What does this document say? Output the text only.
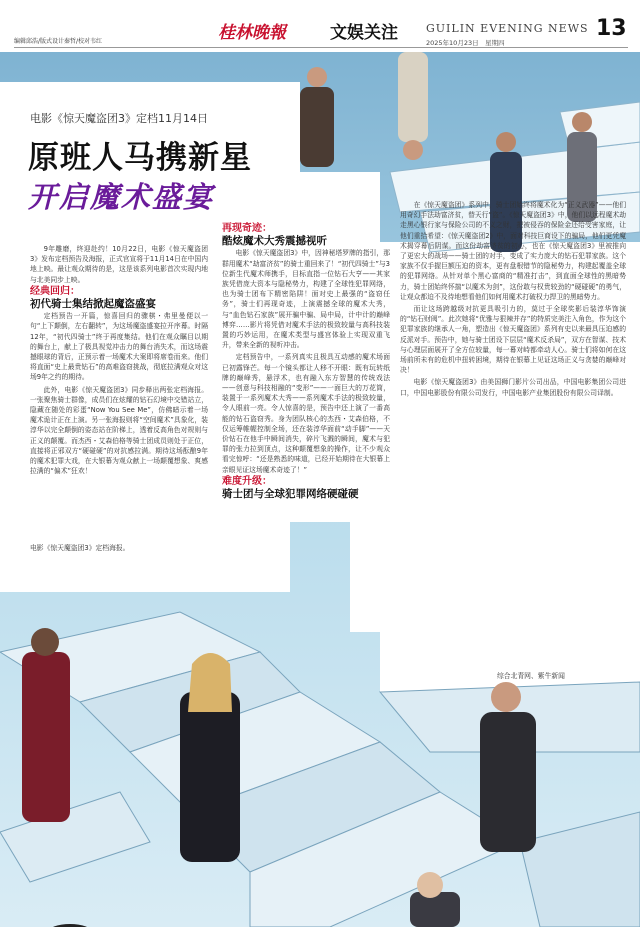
编辑邱浩/版式设计秦哲/校对韦红	桂林晚報	文娱关注	GUILIN EVENING NEWS
2025年10月23日　星期四
13
电影《惊天魔盗团3》定档11月14日
原班人马携新星
开启魔术盛宴

9年雕磨，终迎赴约！10月22日，电影《惊天魔盗团3》发布定档预告及海报，正式官宣将于11月14日在中国内地上映。最让观众期待的是，这是该系列电影首次实现内地与北美同步上映。

经典回归：

初代骑士集结掀起魔盗盛宴

定档预告一开篇，惊喜回归的骤棋・弗里曼便以一句“上下颠倒，左右翻转”，为这场魔盗盛宴拉开序幕。时隔12年，“初代四骑士”终于再度集结。他们在观众瞩目以期的舞台上，献上了极具视觉冲击力的舞台消失术，而这场震撼眼球的背后，正预示着一场魔术大案即将席卷而来。他们将直面“史上最贵钻石”的高难盗窃挑战，彻底拉满观众对这场9年之约的期待。

此外，电影《惊天魔盗团3》同步释出两张定档海报。一张聚焦骑士群像，成员们在炫耀的钻石幻境中交错站立，隐藏在随处的彩蛋“Now You See Me”，仿佛暗示着一场魔术诡计正在上演。另一张海报则将“空间魔术”具象化，装淳华以完全颠倒的姿态站在阶梯上，透着反高角色对规则与正义的颠覆。而杰西・艾森伯格等骑士团成员则处于正位，直接将正邪双方“硬碰硬”的对抗感拉满。期待这场酝酿9年的魔术犯罪大戏，在大银幕为观众献上一场颠覆想象、爽感拉满的“偏术”狂欢！

再现奇迹：

酷炫魔术大秀震撼视听

电影《惊天魔盗团3》中，因神秘塔罗牌的指引，那群用魔术“劫富济贫”的骑士重回来了！“初代四骑士”与3位新生代魔术师携手，目标直指一位钻石大亨——其家族凭借庞大资本与隐秘势力，构建了全球性犯罪网络，也为骑士团布下精密陷阱！面对史上最强的“盗窃任务”，骑士们再现奇迹，上演震撼全球的魔术大秀，与“血色钻石家族”展开骗中骗、局中局，计中计的巅峰博弈……影片将凭借对魔术手法的极致较量与高科技装置的巧妙运用，在魔术类型与盛宫体验上实现双重飞升，带来全新的视听冲击。

定档预告中，一系列真实且极具互动感的魔术场面已初露锋芒。每一个镜头都让人移不开眼：既有玩转纸牌的巅峰秀，悬浮术，也有融入东方智慧的传统戏法——创意与科技相融的“变形”——一面巨大的万花筒，装置于一系列魔术大秀——系列魔术手法的极致较量，令人眼前一亮。令人惊喜的是，预告中还上演了一番高能的钻石盗窃秀。身为团队核心的杰西・艾森伯格，不仅运筹帷幄控制全场，还在装淳华面前“动手脚”——天价钻石在他手中瞬间消失，碎片飞溅的瞬间，魔术与犯罪的张力拉到顶点，这种颠覆想象的操作，让不少观众看完惊呼：“还是熟悉的味道，已经开始期待在大银幕上亲眼见证这场魔术奇迹了！”

难度升级：

骑士团与全球犯罪网络硬碰硬

在《惊天魔盗团》系列中，骑士团始终将魔术化为“正义武器”——他们用奇幻手法劫富济贫，替天行“盗”。《惊天魔盗团3》中，他们以远程魔术劫走黑心银行家与保险公司的不义之财，把被侵吞的保险金还给受害家庭，让他们重拾希望：《惊天魔盗团2》中，面对科技巨商设下的骗局，他们更凭魔术揭穿幕后阴谋。而这份劫富济贫的初心，也在《惊天魔盗团3》里被推向了更宏大的战场——骑士团的对手，变成了实力庞大的钻石犯罪家族。这个家族不仅手握巨额压迫的资本，更有盘根错节的隐秘势力，构建起覆盖全球的犯罪网络。从针对单个黑心富商的“精准打击”，到直面全球性的黑暗势力，骑士团始终怀揣“以魔术为剑”，这份敢与权贵较劲的“硬碰硬”的勇气，让观众都迫不及待地想看他们如何用魔术打破权力捍卫的黑暗势力。

而让这场跨越级对抗更具吸引力的，莫过于全球奖影后装淳华饰演的“钻石财阀”。此次她将“优雅与狠辣并存”的特质完美注入角色，作为这个犯罪家族的继承人一角，塑造出《惊天魔盗团》系列有史以来最具压迫感的反派对手。预告中，她与骑士团设下层层“魔术反杀局”，双方在智谋、技术与心理层面展开了全方位较量，每一幕对峙都牵动人心。骑士们将如何在这场前所未有的危机中扭转困境，期待在银幕上见证这场正义与贪婪的巅峰对决！

电影《惊天魔盗团3》由美国狮门影片公司出品，中国电影集团公司进口，中国电影股份有限公司发行，中国电影产业集团股份有限公司译制。

电影《惊天魔盗团3》定档海报。
综合北青网、紫牛新闻
